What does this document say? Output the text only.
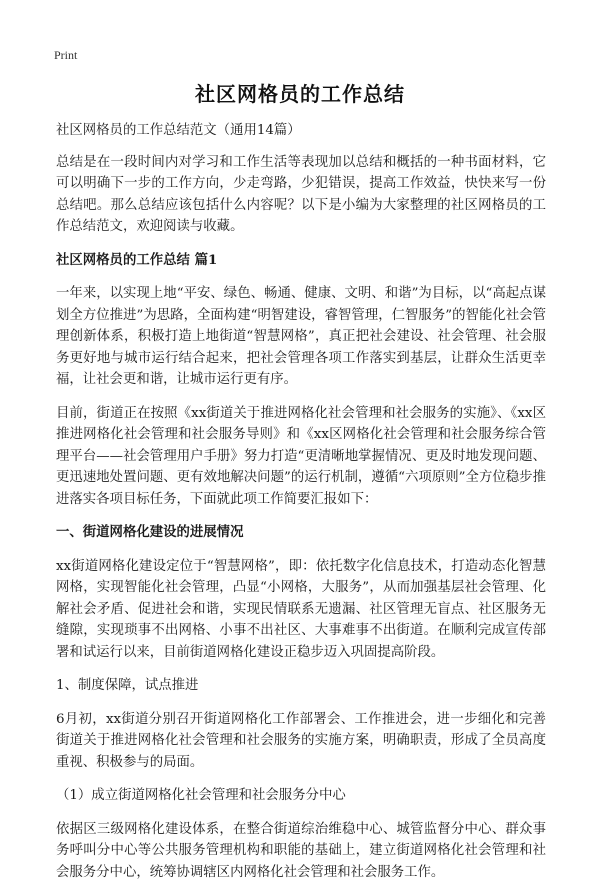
Print
社区网格员的工作总结

社区网格员的工作总结范文（通用14篇）

总结是在一段时间内对学习和工作生活等表现加以总结和概括的一种书面材料，它可以明确下一步的工作方向，少走弯路，少犯错误，提高工作效益，快快来写一份总结吧。那么总结应该包括什么内容呢？以下是小编为大家整理的社区网格员的工作总结范文，欢迎阅读与收藏。

社区网格员的工作总结 篇1

一年来，以实现上地“平安、绿色、畅通、健康、文明、和谐”为目标，以“高起点谋划全方位推进”为思路，全面构建“明智建设，睿智管理，仁智服务”的智能化社会管理创新体系，积极打造上地街道“智慧网格”，真正把社会建设、社会管理、社会服务更好地与城市运行结合起来，把社会管理各项工作落实到基层，让群众生活更幸福，让社会更和谐，让城市运行更有序。

目前，街道正在按照《xx街道关于推进网格化社会管理和社会服务的实施》、《xx区推进网格化社会管理和社会服务导则》和《xx区网格化社会管理和社会服务综合管理平台——社会管理用户手册》努力打造“更清晰地掌握情况、更及时地发现问题、更迅速地处置问题、更有效地解决问题”的运行机制，遵循“六项原则”全方位稳步推进落实各项目标任务，下面就此项工作简要汇报如下：

一、街道网格化建设的进展情况

xx街道网格化建设定位于“智慧网格”，即：依托数字化信息技术，打造动态化智慧网格，实现智能化社会管理，凸显“小网格，大服务”，从而加强基层社会管理、化解社会矛盾、促进社会和谐，实现民情联系无遗漏、社区管理无盲点、社区服务无缝隙，实现琐事不出网格、小事不出社区、大事难事不出街道。在顺利完成宣传部署和试运行以来，目前街道网格化建设正稳步迈入巩固提高阶段。

1、制度保障，试点推进

6月初，xx街道分别召开街道网格化工作部署会、工作推进会，进一步细化和完善街道关于推进网格化社会管理和社会服务的实施方案，明确职责，形成了全员高度重视、积极参与的局面。

（1）成立街道网格化社会管理和社会服务分中心

依据区三级网格化建设体系，在整合街道综治维稳中心、城管监督分中心、群众事务呼叫分中心等公共服务管理机构和职能的基础上，建立街道网格化社会管理和社会服务分中心，统筹协调辖区内网格化社会管理和社会服务工作。
